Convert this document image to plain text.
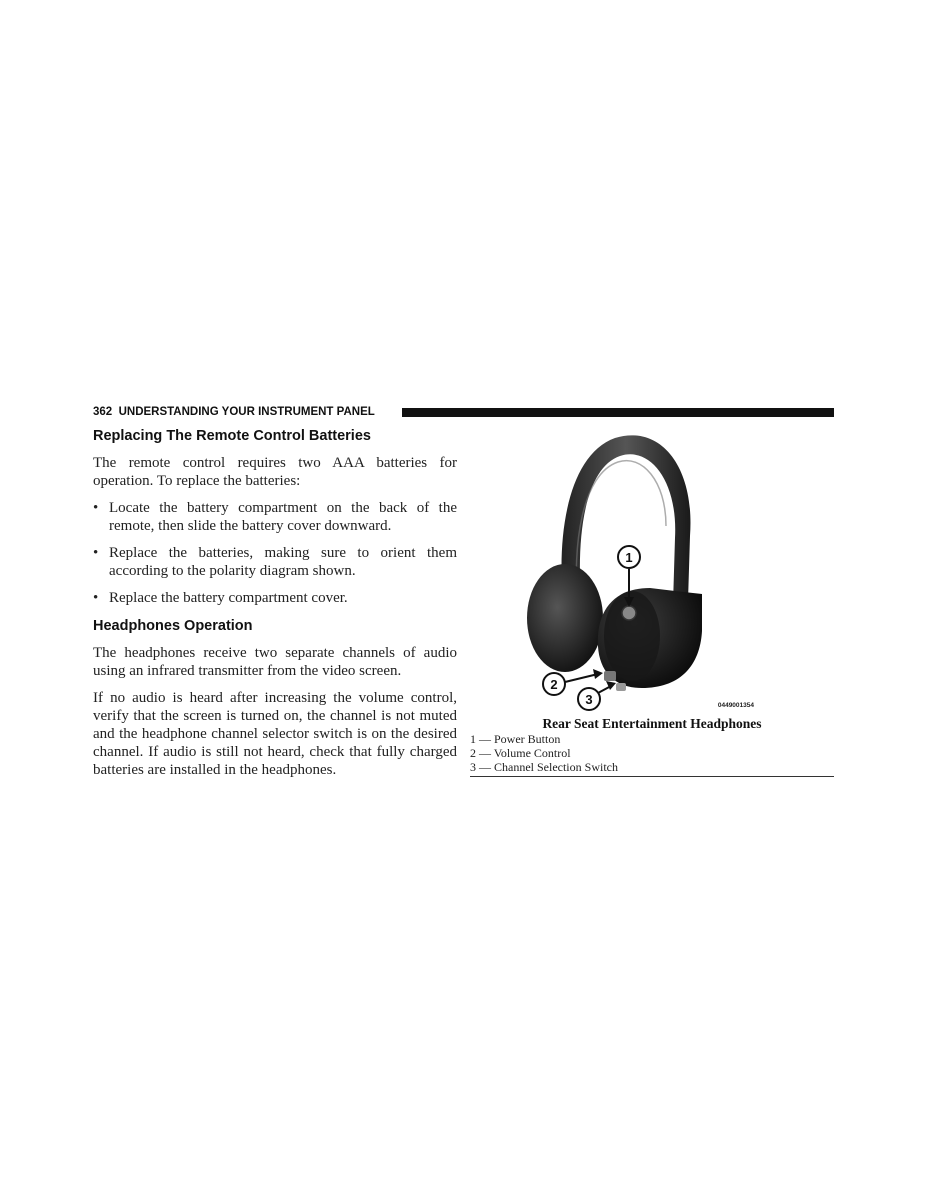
362 UNDERSTANDING YOUR INSTRUMENT PANEL
Replacing The Remote Control Batteries

The remote control requires two AAA batteries for operation. To replace the batteries:

• Locate the battery compartment on the back of the remote, then slide the battery cover downward.
• Replace the batteries, making sure to orient them according to the polarity diagram shown.
• Replace the battery compartment cover.
Headphones Operation

The headphones receive two separate channels of audio using an infrared transmitter from the video screen.

If no audio is heard after increasing the volume control, verify that the screen is turned on, the channel is not muted and the headphone channel selector switch is on the desired channel. If audio is still not heard, check that fully charged batteries are installed in the headphones.

1
2
3	0449001354
Rear Seat Entertainment Headphones
1 — Power Button
2 — Volume Control
3 — Channel Selection Switch
